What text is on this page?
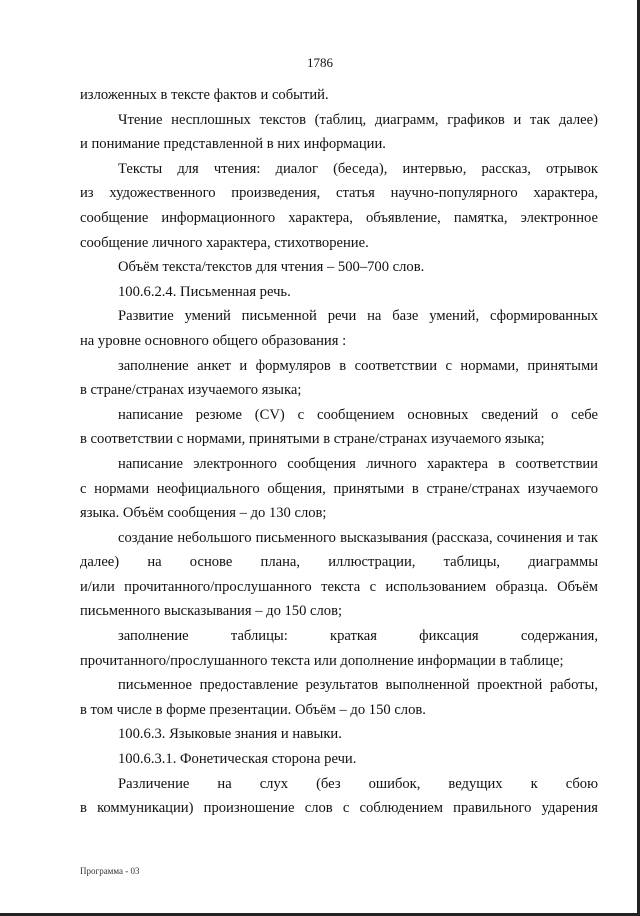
1786
изложенных в тексте фактов и событий.
Чтение несплошных текстов (таблиц, диаграмм, графиков и так далее)
и понимание представленной в них информации.
Тексты для чтения: диалог (беседа), интервью, рассказ, отрывок
из художественного произведения, статья научно-популярного характера,
сообщение информационного характера, объявление, памятка, электронное
сообщение личного характера, стихотворение.
Объём текста/текстов для чтения – 500–700 слов.
100.6.2.4. Письменная речь.
Развитие умений письменной речи на базе умений, сформированных
на уровне основного общего образования :
заполнение анкет и формуляров в соответствии с нормами, принятыми
в стране/странах изучаемого языка;
написание резюме (CV) с сообщением основных сведений о себе
в соответствии с нормами, принятыми в стране/странах изучаемого языка;
написание электронного сообщения личного характера в соответствии
с нормами неофициального общения, принятыми в стране/странах изучаемого
языка. Объём сообщения – до 130 слов;
создание небольшого письменного высказывания (рассказа, сочинения и так
далее) на основе плана, иллюстрации, таблицы, диаграммы
и/или прочитанного/прослушанного текста с использованием образца. Объём
письменного высказывания – до 150 слов;
заполнение таблицы: краткая фиксация содержания,
прочитанного/прослушанного текста или дополнение информации в таблице;
письменное предоставление результатов выполненной проектной работы,
в том числе в форме презентации. Объём – до 150 слов.
100.6.3. Языковые знания и навыки.
100.6.3.1. Фонетическая сторона речи.
Различение на слух (без ошибок, ведущих к сбою
в коммуникации) произношение слов с соблюдением правильного ударения
Программа - 03
